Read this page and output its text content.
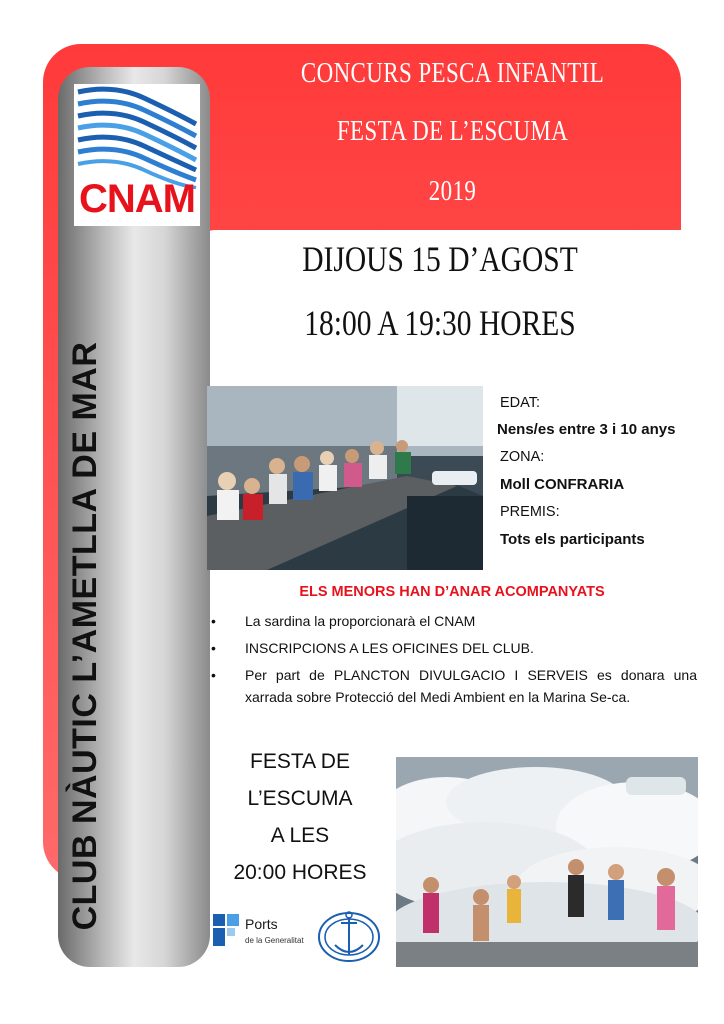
CNAM
CLUB NÀUTIC L’AMETLLA DE MAR
CONCURS PESCA INFANTIL
FESTA DE L’ESCUMA
2019
DIJOUS 15 D’AGOST
18:00 A 19:30 HORES
EDAT:
Nens/es entre 3 i 10 anys
ZONA:
Moll CONFRARIA
PREMIS:
Tots els participants
ELS MENORS HAN D’ANAR ACOMPANYATS
• La sardina la proporcionarà el CNAM
• INSCRIPCIONS A LES OFICINES DEL CLUB.
• Per part de PLANCTON DIVULGACIO I SERVEIS es donara una xarrada sobre Protecció del Medi Ambient en la Marina Se-ca.
FESTA DE
L’ESCUMA
A LES
20:00 HORES
Ports
de la Generalitat
